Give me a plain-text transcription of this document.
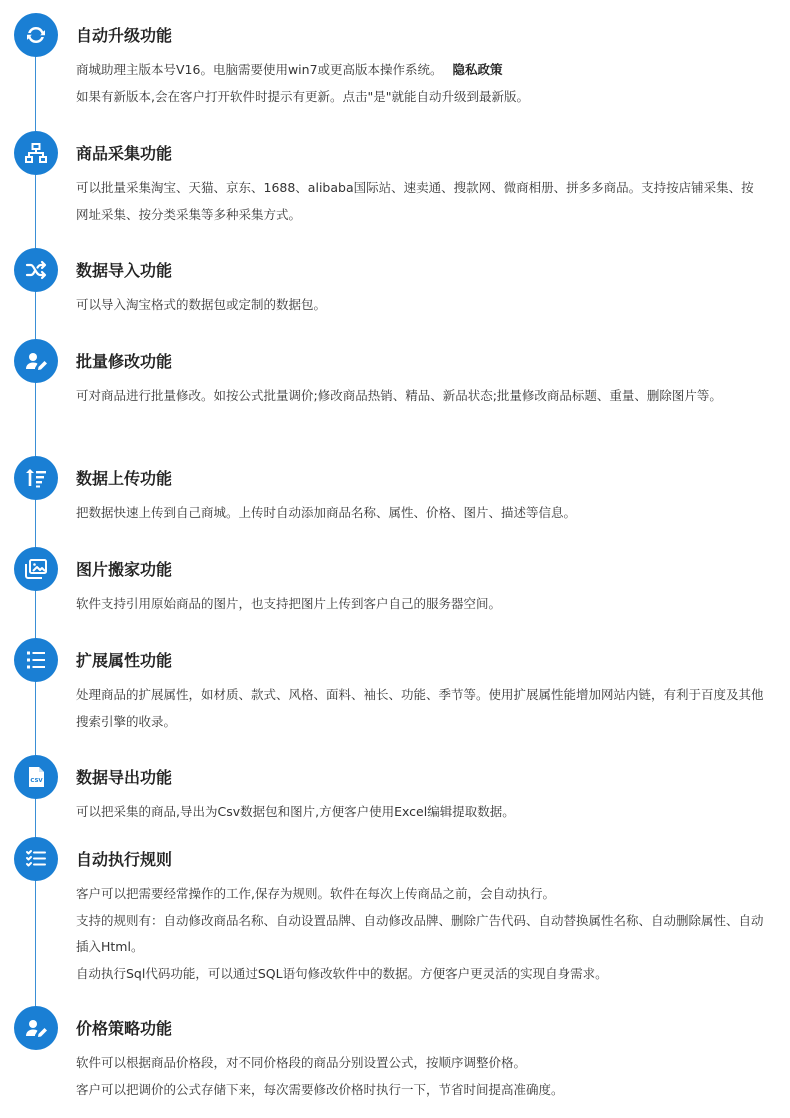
自动升级功能

商城助理主版本号V16。电脑需要使用win7或更高版本操作系统。 隐私政策

如果有新版本,会在客户打开软件时提示有更新。点击"是"就能自动升级到最新版。

商品采集功能

可以批量采集淘宝、天猫、京东、1688、alibaba国际站、速卖通、搜款网、微商相册、拼多多商品。支持按店铺采集、按网址采集、按分类采集等多种采集方式。

数据导入功能

可以导入淘宝格式的数据包或定制的数据包。

批量修改功能

可对商品进行批量修改。如按公式批量调价;修改商品热销、精品、新品状态;批量修改商品标题、重量、删除图片等。

数据上传功能

把数据快速上传到自己商城。上传时自动添加商品名称、属性、价格、图片、描述等信息。

图片搬家功能

软件支持引用原始商品的图片，也支持把图片上传到客户自己的服务器空间。

扩展属性功能

处理商品的扩展属性，如材质、款式、风格、面料、袖长、功能、季节等。使用扩展属性能增加网站内链，有利于百度及其他搜索引擎的收录。

CSV 数据导出功能

可以把采集的商品,导出为Csv数据包和图片,方便客户使用Excel编辑提取数据。

自动执行规则

客户可以把需要经常操作的工作,保存为规则。软件在每次上传商品之前，会自动执行。

支持的规则有：自动修改商品名称、自动设置品牌、自动修改品牌、删除广告代码、自动替换属性名称、自动删除属性、自动插入Html。

自动执行Sql代码功能，可以通过SQL语句修改软件中的数据。方便客户更灵活的实现自身需求。

价格策略功能

软件可以根据商品价格段，对不同价格段的商品分别设置公式，按顺序调整价格。

客户可以把调价的公式存储下来，每次需要修改价格时执行一下，节省时间提高准确度。
